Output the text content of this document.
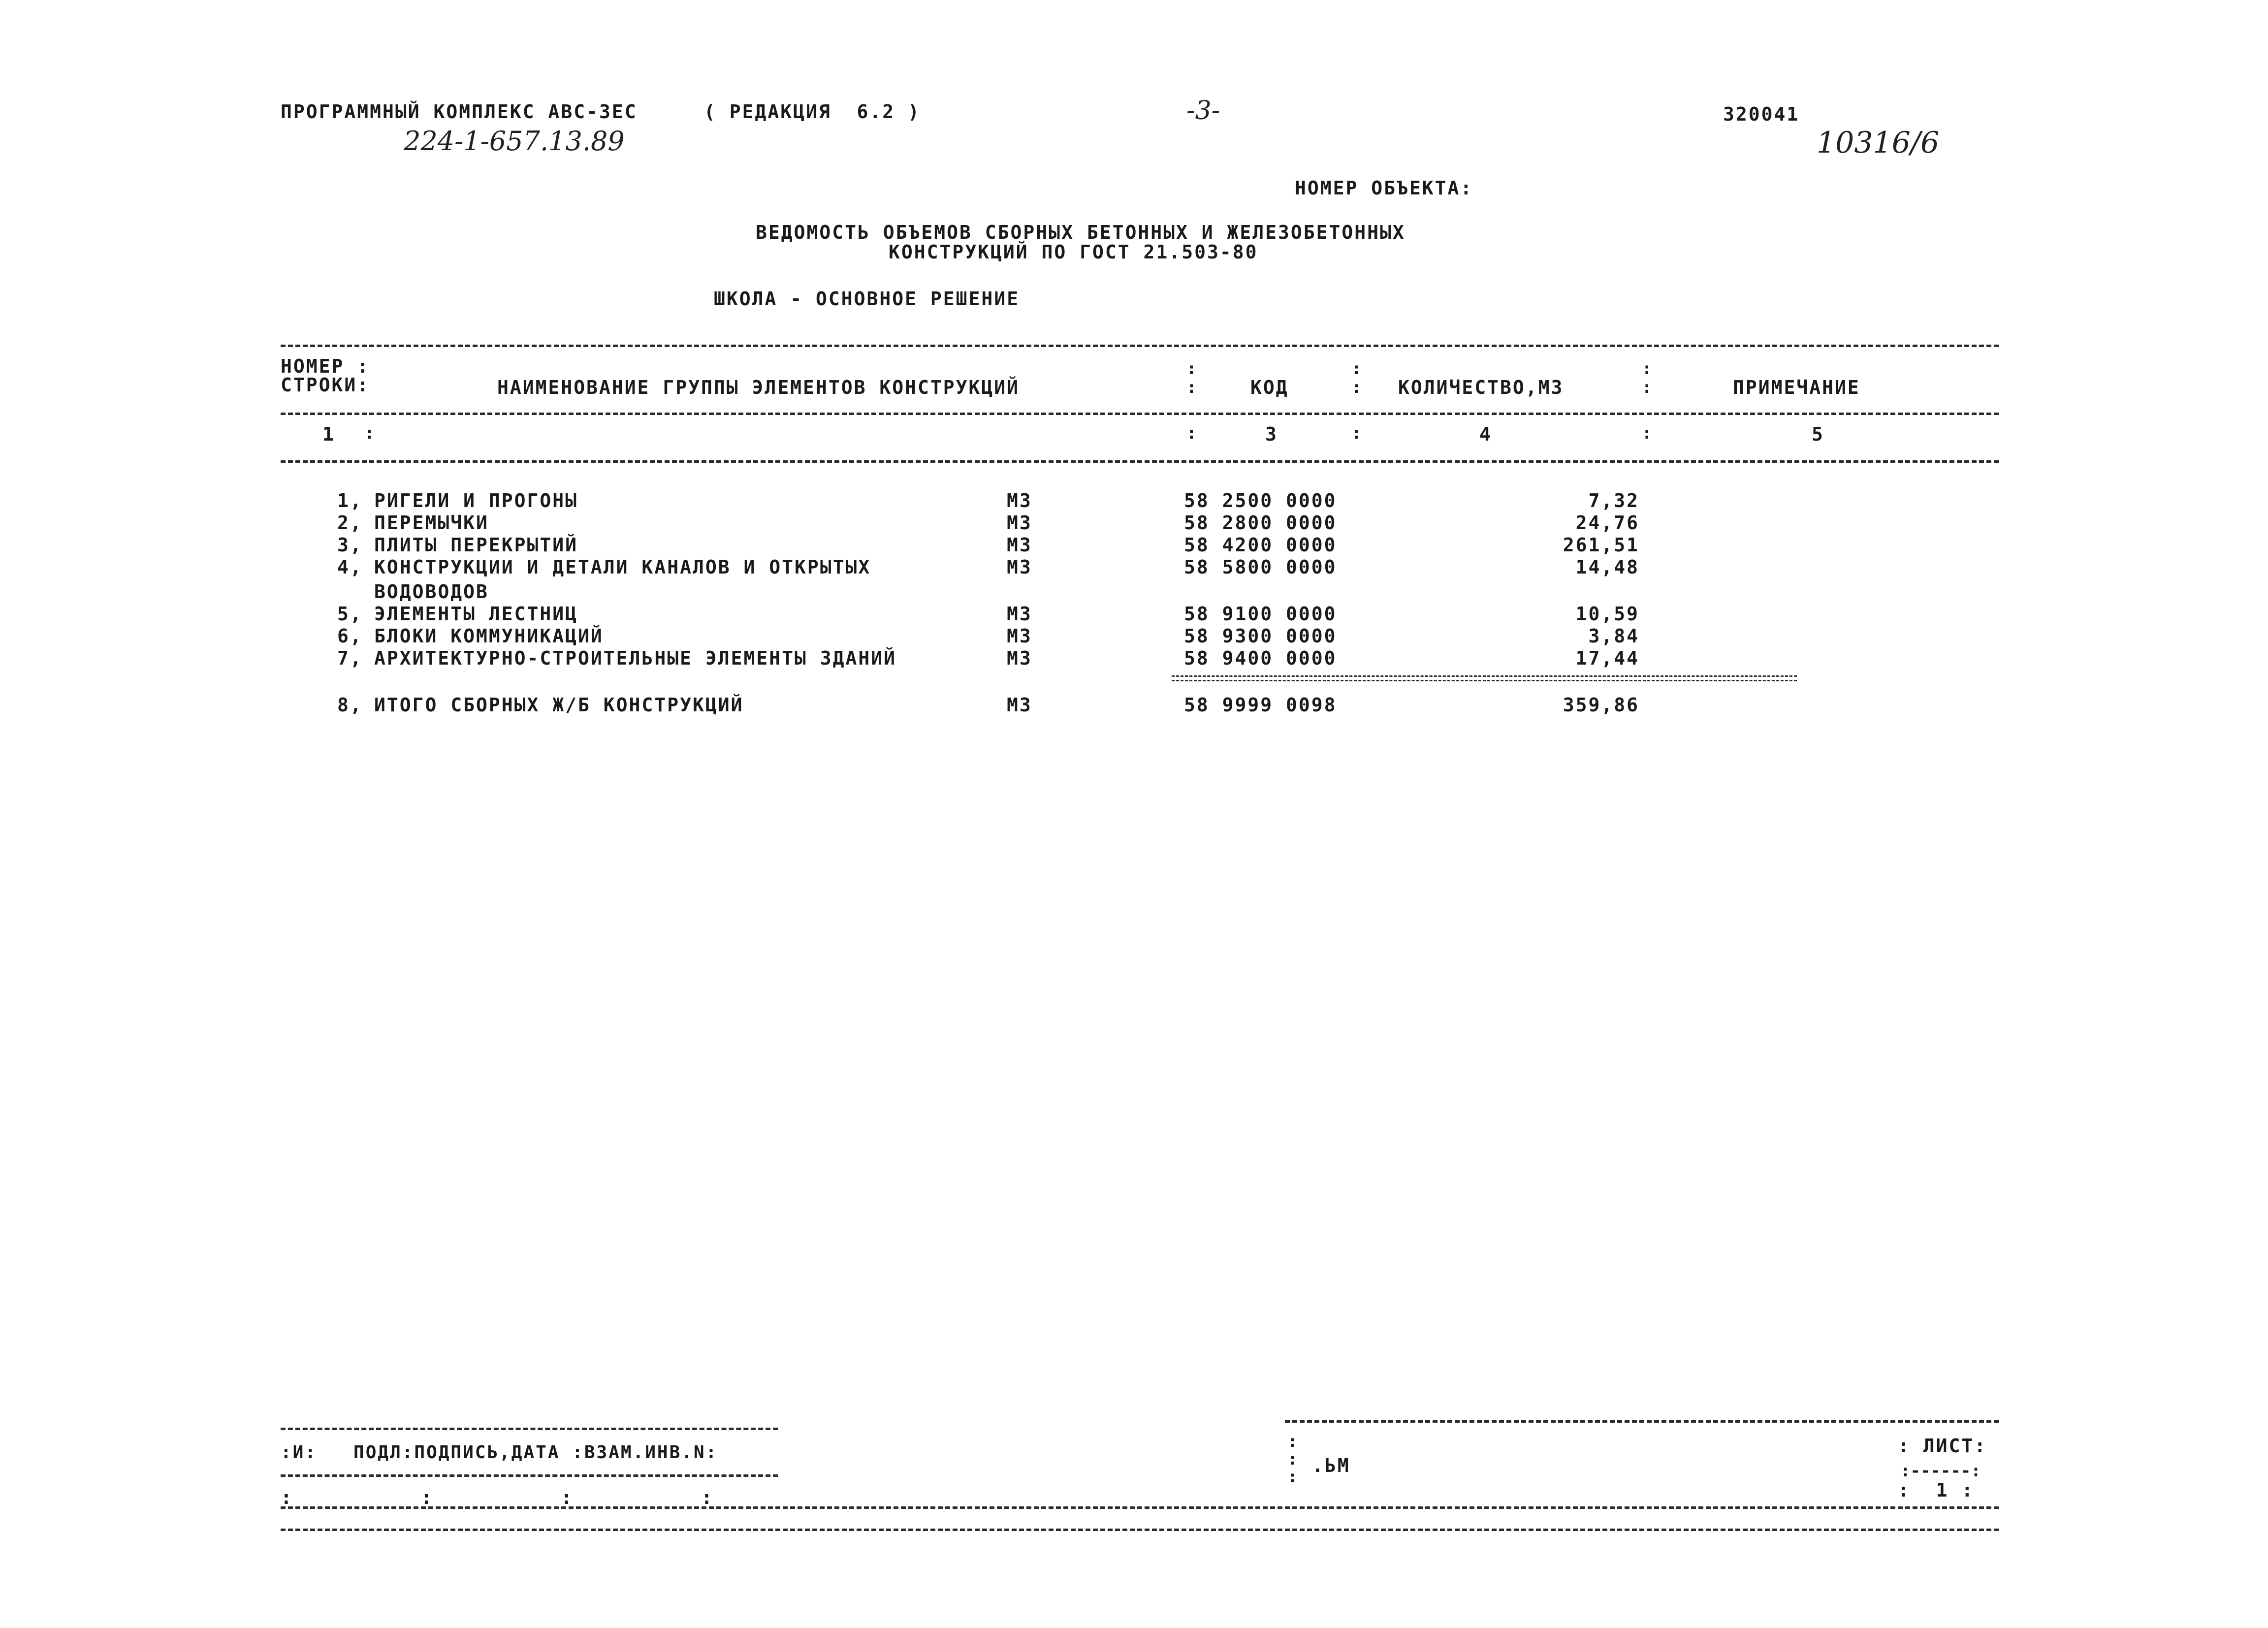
ПРОГРАММНЫЙ КОМПЛЕКС АВС-3ЕС	( РЕДАКЦИЯ  6.2 )	-3-	320041
224-1-657.13.89	10316/6
НОМЕР ОБЪЕКТА:
ВЕДОМОСТЬ ОБЪЕМОВ СБОРНЫХ БЕТОННЫХ И ЖЕЛЕЗОБЕТОННЫХ
КОНСТРУКЦИЙ ПО ГОСТ 21.503-80
ШКОЛА - ОСНОВНОЕ РЕШЕНИЕ
НОМЕР :
СТРОКИ:	НАИМЕНОВАНИЕ ГРУППЫ ЭЛЕМЕНТОВ КОНСТРУКЦИЙ
:
:	КОД
:
: КОЛИЧЕСТВО,М3
:
:	ПРИМЕЧАНИЕ
1 :	:	3	:	4	:	5
1, РИГЕЛИ И ПРОГОНЫ	М3	58 2500 0000	7,32
2, ПЕРЕМЫЧКИ	М3	58 2800 0000	24,76
3, ПЛИТЫ ПЕРЕКРЫТИЙ	М3	58 4200 0000	261,51
4, КОНСТРУКЦИИ И ДЕТАЛИ КАНАЛОВ И ОТКРЫТЫХ	М3	58 5800 0000	14,48
ВОДОВОДОВ
5, ЭЛЕМЕНТЫ ЛЕСТНИЦ	М3	58 9100 0000	10,59
6, БЛОКИ КОММУНИКАЦИЙ	М3	58 9300 0000	3,84
7, АРХИТЕКТУРНО-СТРОИТЕЛЬНЫЕ ЭЛЕМЕНТЫ ЗДАНИЙ	М3	58 9400 0000	17,44
8, ИТОГО СБОРНЫХ Ж/Б КОНСТРУКЦИЙ	М3	58 9999 0098	359,86
:И:   ПОДЛ:ПОДПИСЬ,ДАТА :ВЗАМ.ИНВ.N:
:          :          :          :
:
:
:
.ЬМ
: ЛИСТ:
:------:
:  1 :
